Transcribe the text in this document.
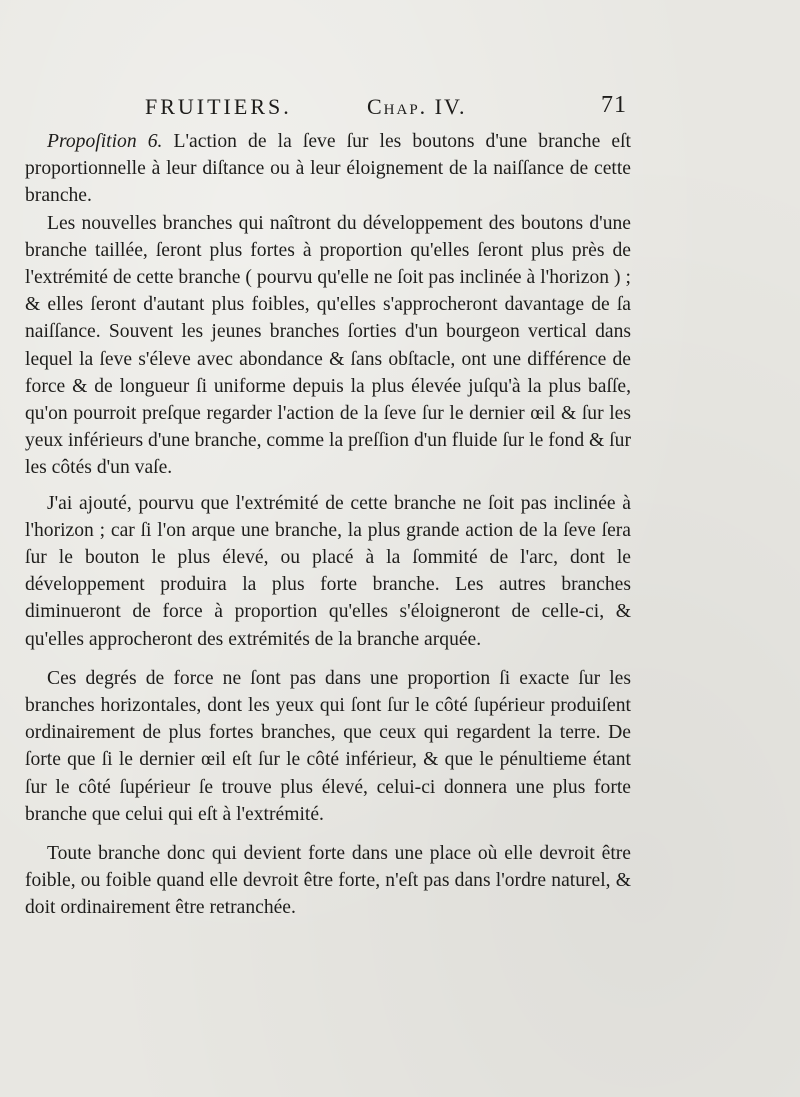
FRUITIERS.	Chap. IV.	71

Propoſition 6. L'action de la ſeve ſur les boutons d'une branche eſt proportionnelle à leur diſtance ou à leur éloignement de la naiſſance de cette branche.

Les nouvelles branches qui naîtront du développement des boutons d'une branche taillée, ſeront plus fortes à proportion qu'elles ſeront plus près de l'extrémité de cette branche ( pourvu qu'elle ne ſoit pas inclinée à l'horizon ) ; & elles ſeront d'autant plus foibles, qu'elles s'approcheront davantage de ſa naiſſance. Souvent les jeunes branches ſorties d'un bourgeon vertical dans lequel la ſeve s'éleve avec abondance & ſans obſtacle, ont une différence de force & de longueur ſi uniforme depuis la plus élevée juſqu'à la plus baſſe, qu'on pourroit preſque regarder l'action de la ſeve ſur le dernier œil & ſur les yeux inférieurs d'une branche, comme la preſſion d'un fluide ſur le fond & ſur les côtés d'un vaſe.

J'ai ajouté, pourvu que l'extrémité de cette branche ne ſoit pas inclinée à l'horizon ; car ſi l'on arque une branche, la plus grande action de la ſeve ſera ſur le bouton le plus élevé, ou placé à la ſommité de l'arc, dont le développement produira la plus forte branche. Les autres branches diminueront de force à proportion qu'elles s'éloigneront de celle-ci, & qu'elles approcheront des extrémités de la branche arquée.

Ces degrés de force ne ſont pas dans une proportion ſi exacte ſur les branches horizontales, dont les yeux qui ſont ſur le côté ſupérieur produiſent ordinairement de plus fortes branches, que ceux qui regardent la terre. De ſorte que ſi le dernier œil eſt ſur le côté inférieur, & que le pénultieme étant ſur le côté ſupérieur ſe trouve plus élevé, celui-ci donnera une plus forte branche que celui qui eſt à l'extrémité.

Toute branche donc qui devient forte dans une place où elle devroit être foible, ou foible quand elle devroit être forte, n'eſt pas dans l'ordre naturel, & doit ordinairement être retranchée.
